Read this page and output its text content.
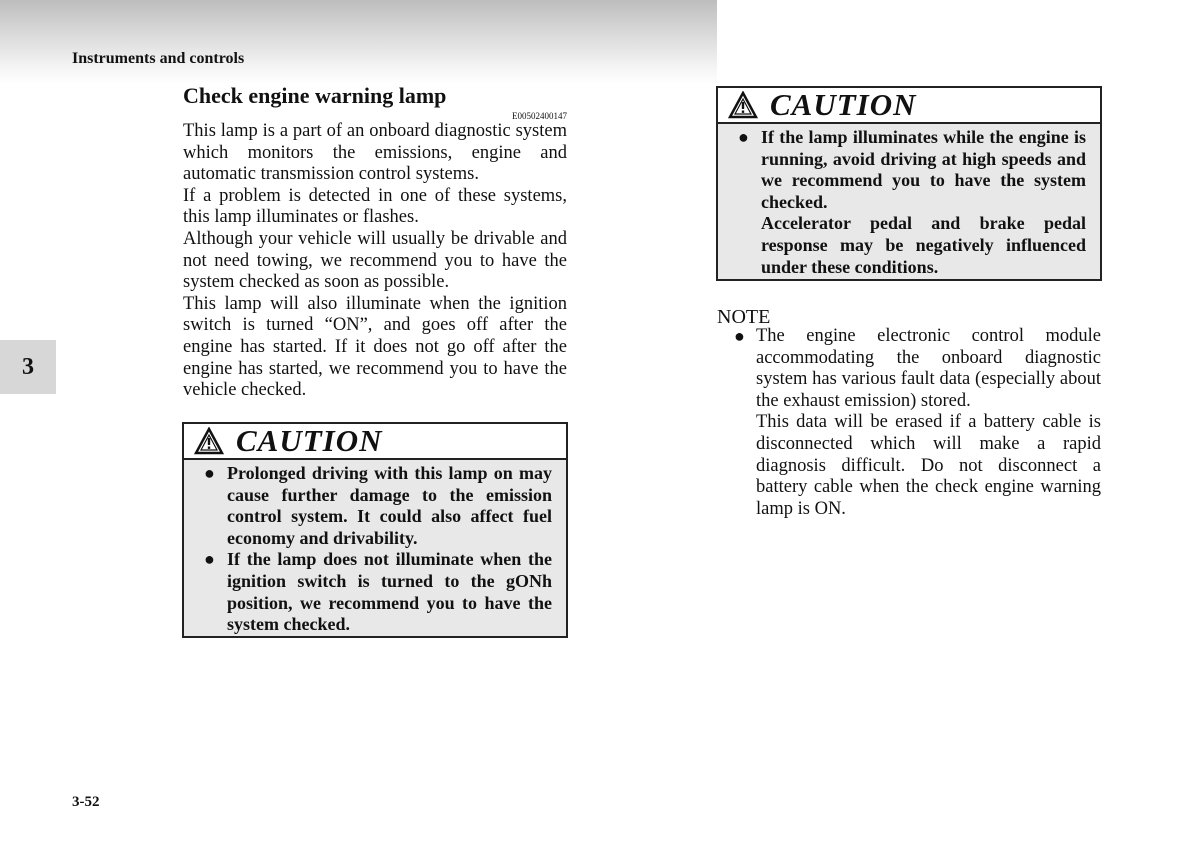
Instruments and controls
3
Check engine warning lamp
E00502400147

This lamp is a part of an onboard diagnostic system which monitors the emissions, engine and automatic transmission control systems.

If a problem is detected in one of these systems, this lamp illuminates or flashes.

Although your vehicle will usually be drivable and not need towing, we recommend you to have the system checked as soon as possible.

This lamp will also illuminate when the ignition switch is turned “ON”, and goes off after the engine has started. If it does not go off after the engine has started, we recommend you to have the vehicle checked.

CAUTION
● Prolonged driving with this lamp on may cause further damage to the emission control system. It could also affect fuel economy and drivability.
● If the lamp does not illuminate when the ignition switch is turned to the gONh position, we recommend you to have the system checked.
CAUTION
● If the lamp illuminates while the engine is running, avoid driving at high speeds and we recommend you to have the system checked.

Accelerator pedal and brake pedal response may be negatively influenced under these conditions.

NOTE
● The engine electronic control module accommodating the onboard diagnostic system has various fault data (especially about the exhaust emission) stored.

This data will be erased if a battery cable is disconnected which will make a rapid diagnosis difficult. Do not disconnect a battery cable when the check engine warning lamp is ON.

3-52
